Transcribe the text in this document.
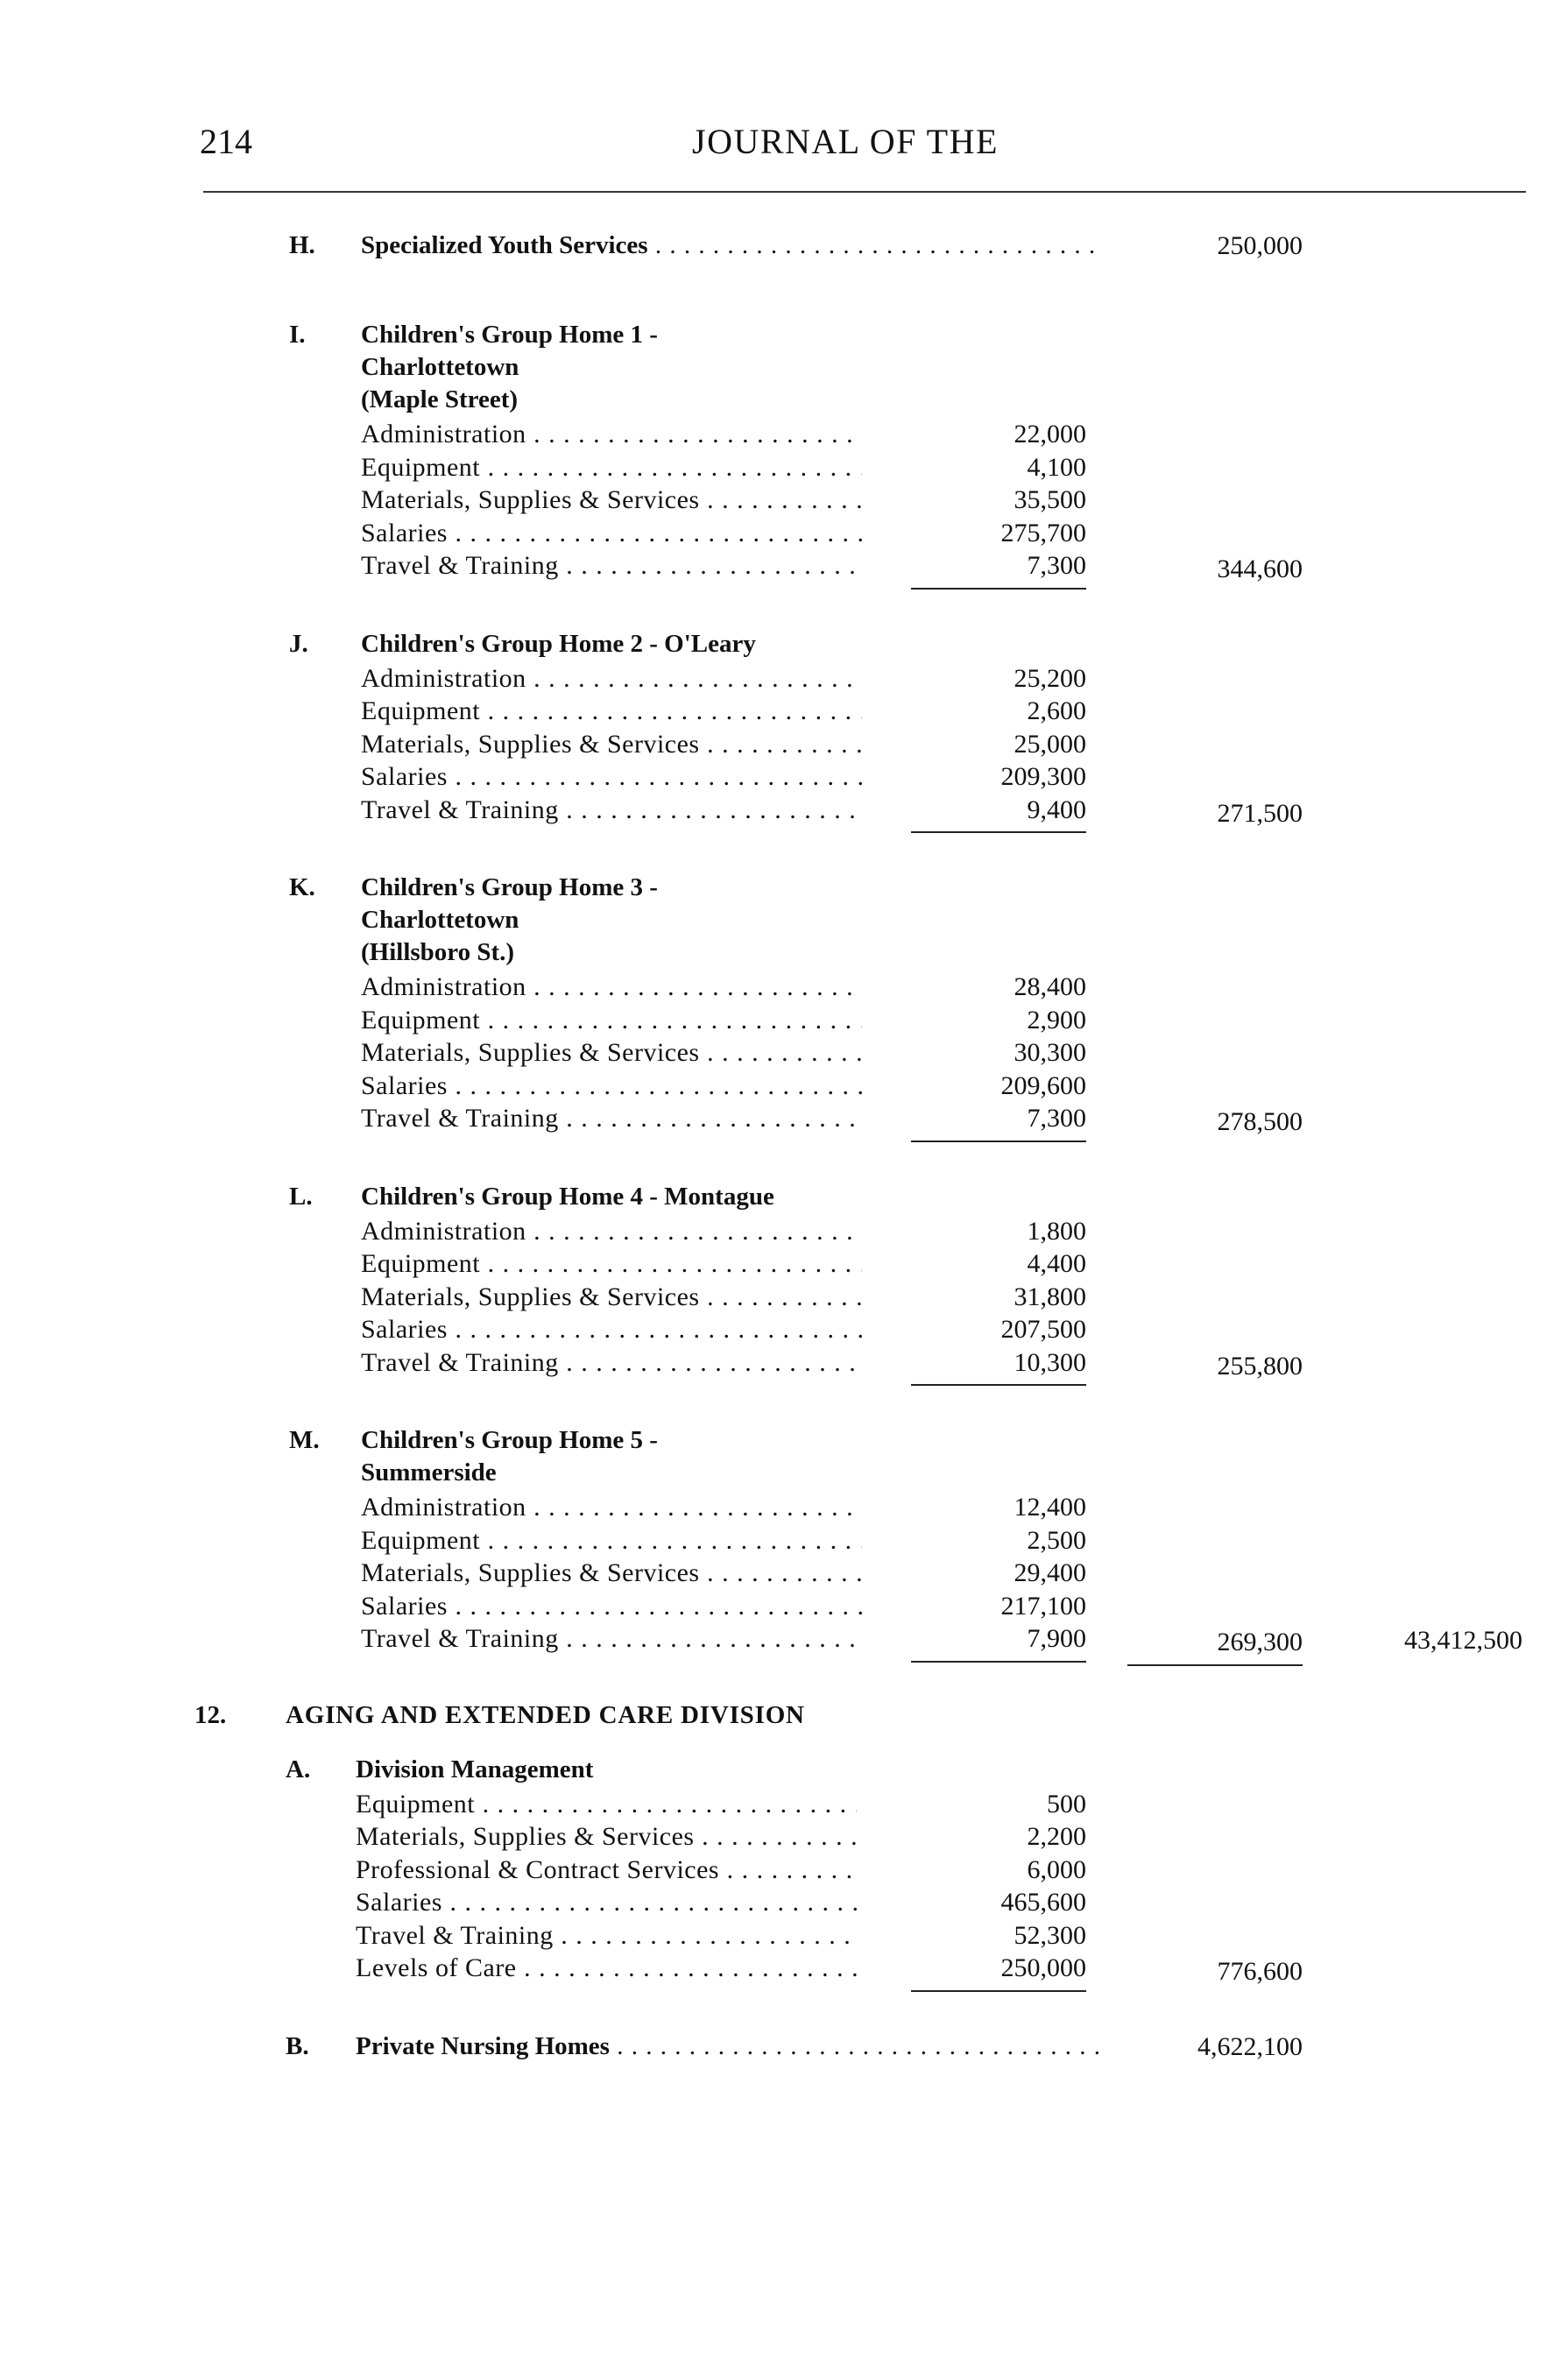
214	JOURNAL OF THE
H. Specialized Youth Services . . .	250,000
I. Children's Group Home 1 -
Charlottetown
(Maple Street)
Administration . . .	22,000
Equipment . . .	4,100
Materials, Supplies & Services . . .	35,500
Salaries . . .	275,700
Travel & Training . . .	7,300	344,600
J. Children's Group Home 2 - O'Leary
Administration . . .	25,200
Equipment . . .	2,600
Materials, Supplies & Services . . .	25,000
Salaries . . .	209,300
Travel & Training . . .	9,400	271,500
K. Children's Group Home 3 -
Charlottetown
(Hillsboro St.)
Administration . . .	28,400
Equipment . . .	2,900
Materials, Supplies & Services . . .	30,300
Salaries . . .	209,600
Travel & Training . . .	7,300	278,500
L. Children's Group Home 4 - Montague
Administration . . .	1,800
Equipment . . .	4,400
Materials, Supplies & Services . . .	31,800
Salaries . . .	207,500
Travel & Training . . .	10,300	255,800
M. Children's Group Home 5 -
Summerside
Administration . . .	12,400
Equipment . . .	2,500
Materials, Supplies & Services . . .	29,400
Salaries . . .	217,100
Travel & Training . . .	7,900	269,300	43,412,500
12. AGING AND EXTENDED CARE DIVISION
A. Division Management
Equipment . . .	500
Materials, Supplies & Services . . .	2,200
Professional & Contract Services . . .	6,000
Salaries . . .	465,600
Travel & Training . . .	52,300
Levels of Care . . .	250,000	776,600
B. Private Nursing Homes . . .	4,622,100
